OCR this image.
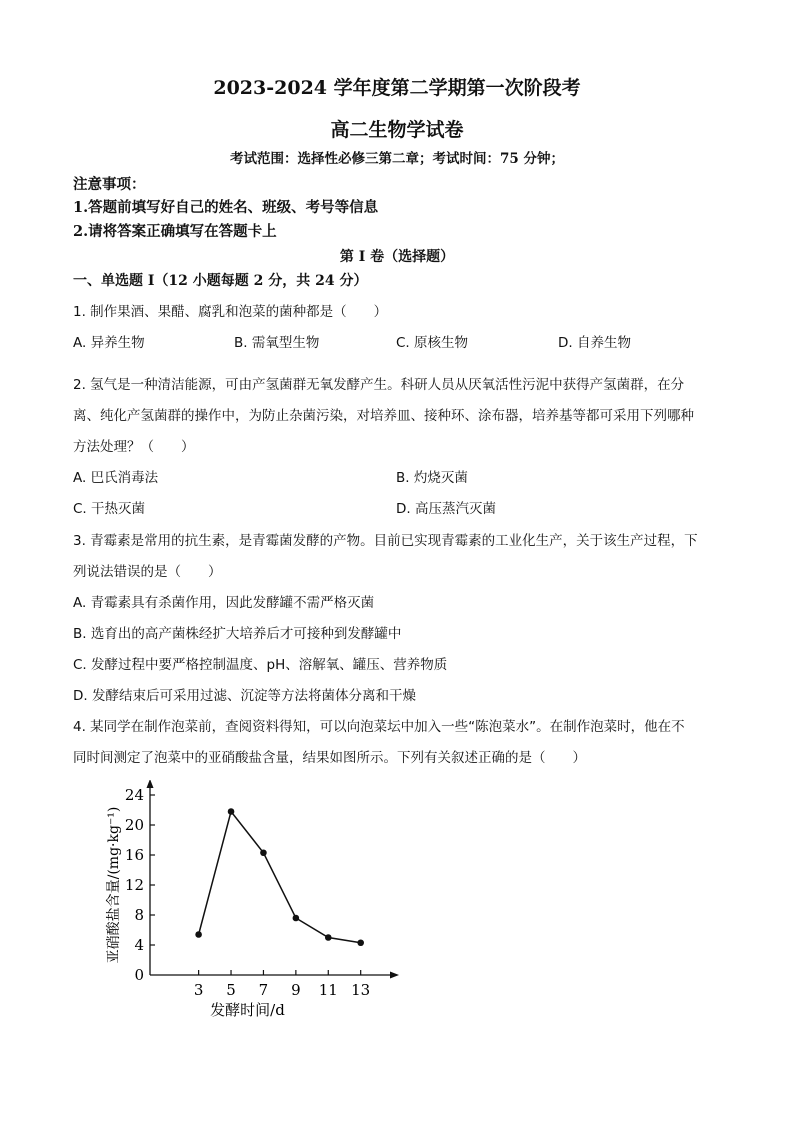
2023-2024 学年度第二学期第一次阶段考
高二生物学试卷
考试范围：选择性必修三第二章；考试时间：75 分钟；
注意事项：
1.答题前填写好自己的姓名、班级、考号等信息
2.请将答案正确填写在答题卡上
第 I 卷（选择题）
一、单选题 I（12 小题每题 2 分，共 24 分）
1. 制作果酒、果醋、腐乳和泡菜的菌种都是（　　）
A. 异养生物	B. 需氧型生物	C. 原核生物	D. 自养生物
2. 氢气是一种清洁能源，可由产氢菌群无氧发酵产生。科研人员从厌氧活性污泥中获得产氢菌群，在分
离、纯化产氢菌群的操作中，为防止杂菌污染，对培养皿、接种环、涂布器，培养基等都可采用下列哪种
方法处理？（　　）
A. 巴氏消毒法	B. 灼烧灭菌
C. 干热灭菌	D. 高压蒸汽灭菌
3. 青霉素是常用的抗生素，是青霉菌发酵的产物。目前已实现青霉素的工业化生产，关于该生产过程，下
列说法错误的是（　　）
A. 青霉素具有杀菌作用，因此发酵罐不需严格灭菌
B. 选育出的高产菌株经扩大培养后才可接种到发酵罐中
C. 发酵过程中要严格控制温度、pH、溶解氧、罐压、营养物质
D. 发酵结束后可采用过滤、沉淀等方法将菌体分离和干燥
4. 某同学在制作泡菜前，查阅资料得知，可以向泡菜坛中加入一些“陈泡菜水”。在制作泡菜时，他在不
同时间测定了泡菜中的亚硝酸盐含量，结果如图所示。下列有关叙述正确的是（　　）
0
4
8
12
16
20
24
3 5 7 9 11 13
发酵时间/d
亚硝酸盐含量/(mg·kg⁻¹)
